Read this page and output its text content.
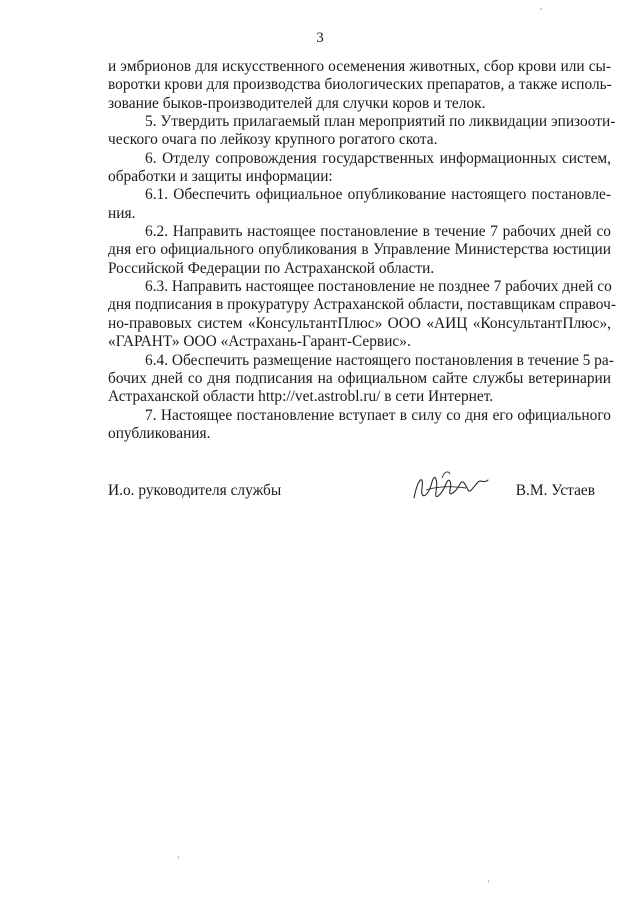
3
и эмбрионов для искусственного осеменения животных, сбор крови или сы-
воротки крови для производства биологических препаратов, а также исполь-
зование быков-производителей для случки коров и телок.
5. Утвердить прилагаемый план мероприятий по ликвидации эпизооти-
ческого очага по лейкозу крупного рогатого скота.
6. Отделу сопровождения государственных информационных систем,
обработки и защиты информации:
6.1. Обеспечить официальное опубликование настоящего постановле-
ния.
6.2. Направить настоящее постановление в течение 7 рабочих дней со
дня его официального опубликования в Управление Министерства юстиции
Российской Федерации по Астраханской области.
6.3. Направить настоящее постановление не позднее 7 рабочих дней со
дня подписания в прокуратуру Астраханской области, поставщикам справоч-
но-правовых систем «КонсультантПлюс» ООО «АИЦ «КонсультантПлюс»,
«ГАРАНТ» ООО «Астрахань-Гарант-Сервис».
6.4. Обеспечить размещение настоящего постановления в течение 5 ра-
бочих дней со дня подписания на официальном сайте службы ветеринарии
Астраханской области http://vet.astrobl.ru/ в сети Интернет.
7. Настоящее постановление вступает в силу со дня его официального
опубликования.
И.о. руководителя службы	В.М. Устаев
